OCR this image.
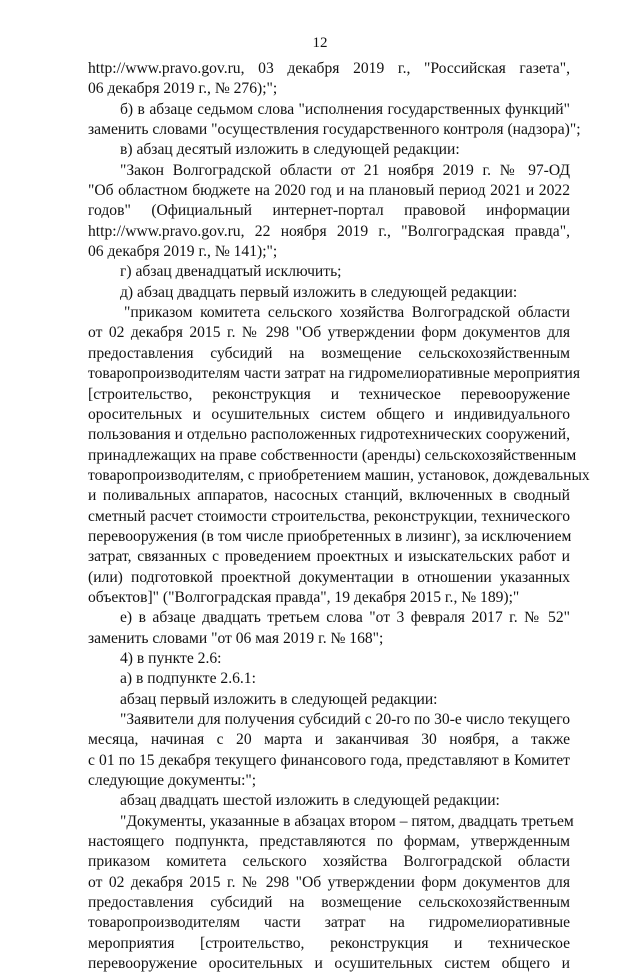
12
http://www.pravo.gov.ru, 03 декабря 2019 г., "Российская газета",
06 декабря 2019 г., № 276);";
б) в абзаце седьмом слова "исполнения государственных функций"
заменить словами "осуществления государственного контроля (надзора)";
в) абзац десятый изложить в следующей редакции:
"Закон Волгоградской области от 21 ноября 2019 г. № 97-ОД
"Об областном бюджете на 2020 год и на плановый период 2021 и 2022
годов" (Официальный интернет-портал правовой информации
http://www.pravo.gov.ru, 22 ноября 2019 г., "Волгоградская правда",
06 декабря 2019 г., № 141);";
г) абзац двенадцатый исключить;
д) абзац двадцать первый изложить в следующей редакции:
"приказом комитета сельского хозяйства Волгоградской области
от 02 декабря 2015 г. № 298 "Об утверждении форм документов для
предоставления субсидий на возмещение сельскохозяйственным
товаропроизводителям части затрат на гидромелиоративные мероприятия
[строительство, реконструкция и техническое перевооружение
оросительных и осушительных систем общего и индивидуального
пользования и отдельно расположенных гидротехнических сооружений,
принадлежащих на праве собственности (аренды) сельскохозяйственным
товаропроизводителям, с приобретением машин, установок, дождевальных
и поливальных аппаратов, насосных станций, включенных в сводный
сметный расчет стоимости строительства, реконструкции, технического
перевооружения (в том числе приобретенных в лизинг), за исключением
затрат, связанных с проведением проектных и изыскательских работ и
(или) подготовкой проектной документации в отношении указанных
объектов]" ("Волгоградская правда", 19 декабря 2015 г., № 189);"
е) в абзаце двадцать третьем слова "от 3 февраля 2017 г. № 52"
заменить словами "от 06 мая 2019 г. № 168";
4) в пункте 2.6:
а) в подпункте 2.6.1:
абзац первый изложить в следующей редакции:
"Заявители для получения субсидий с 20-го по 30-е число текущего
месяца, начиная с 20 марта и заканчивая 30 ноября, а также
с 01 по 15 декабря текущего финансового года, представляют в Комитет
следующие документы:";
абзац двадцать шестой изложить в следующей редакции:
"Документы, указанные в абзацах втором – пятом, двадцать третьем
настоящего подпункта, представляются по формам, утвержденным
приказом комитета сельского хозяйства Волгоградской области
от 02 декабря 2015 г. № 298 "Об утверждении форм документов для
предоставления субсидий на возмещение сельскохозяйственным
товаропроизводителям части затрат на гидромелиоративные
мероприятия [строительство, реконструкция и техническое
перевооружение оросительных и осушительных систем общего и
